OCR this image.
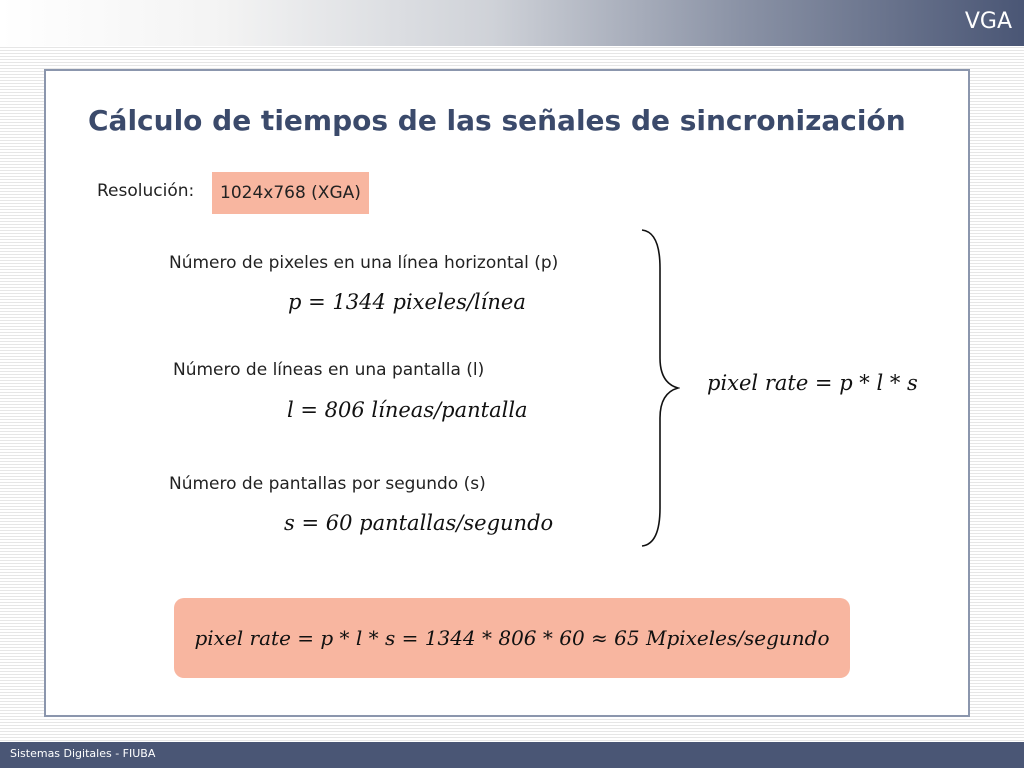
VGA
Cálculo de tiempos de las señales de sincronización
Resolución:	1024x768 (XGA)
Número de pixeles en una línea horizontal (p)
p = 1344 pixeles/línea
Número de líneas en una pantalla (l)
l = 806 líneas/pantalla
Número de pantallas por segundo (s)
s = 60 pantallas/segundo
pixel rate = p * l * s
pixel rate = p * l * s = 1344 * 806 * 60 ≈ 65 Mpixeles/segundo
Sistemas Digitales - FIUBA
